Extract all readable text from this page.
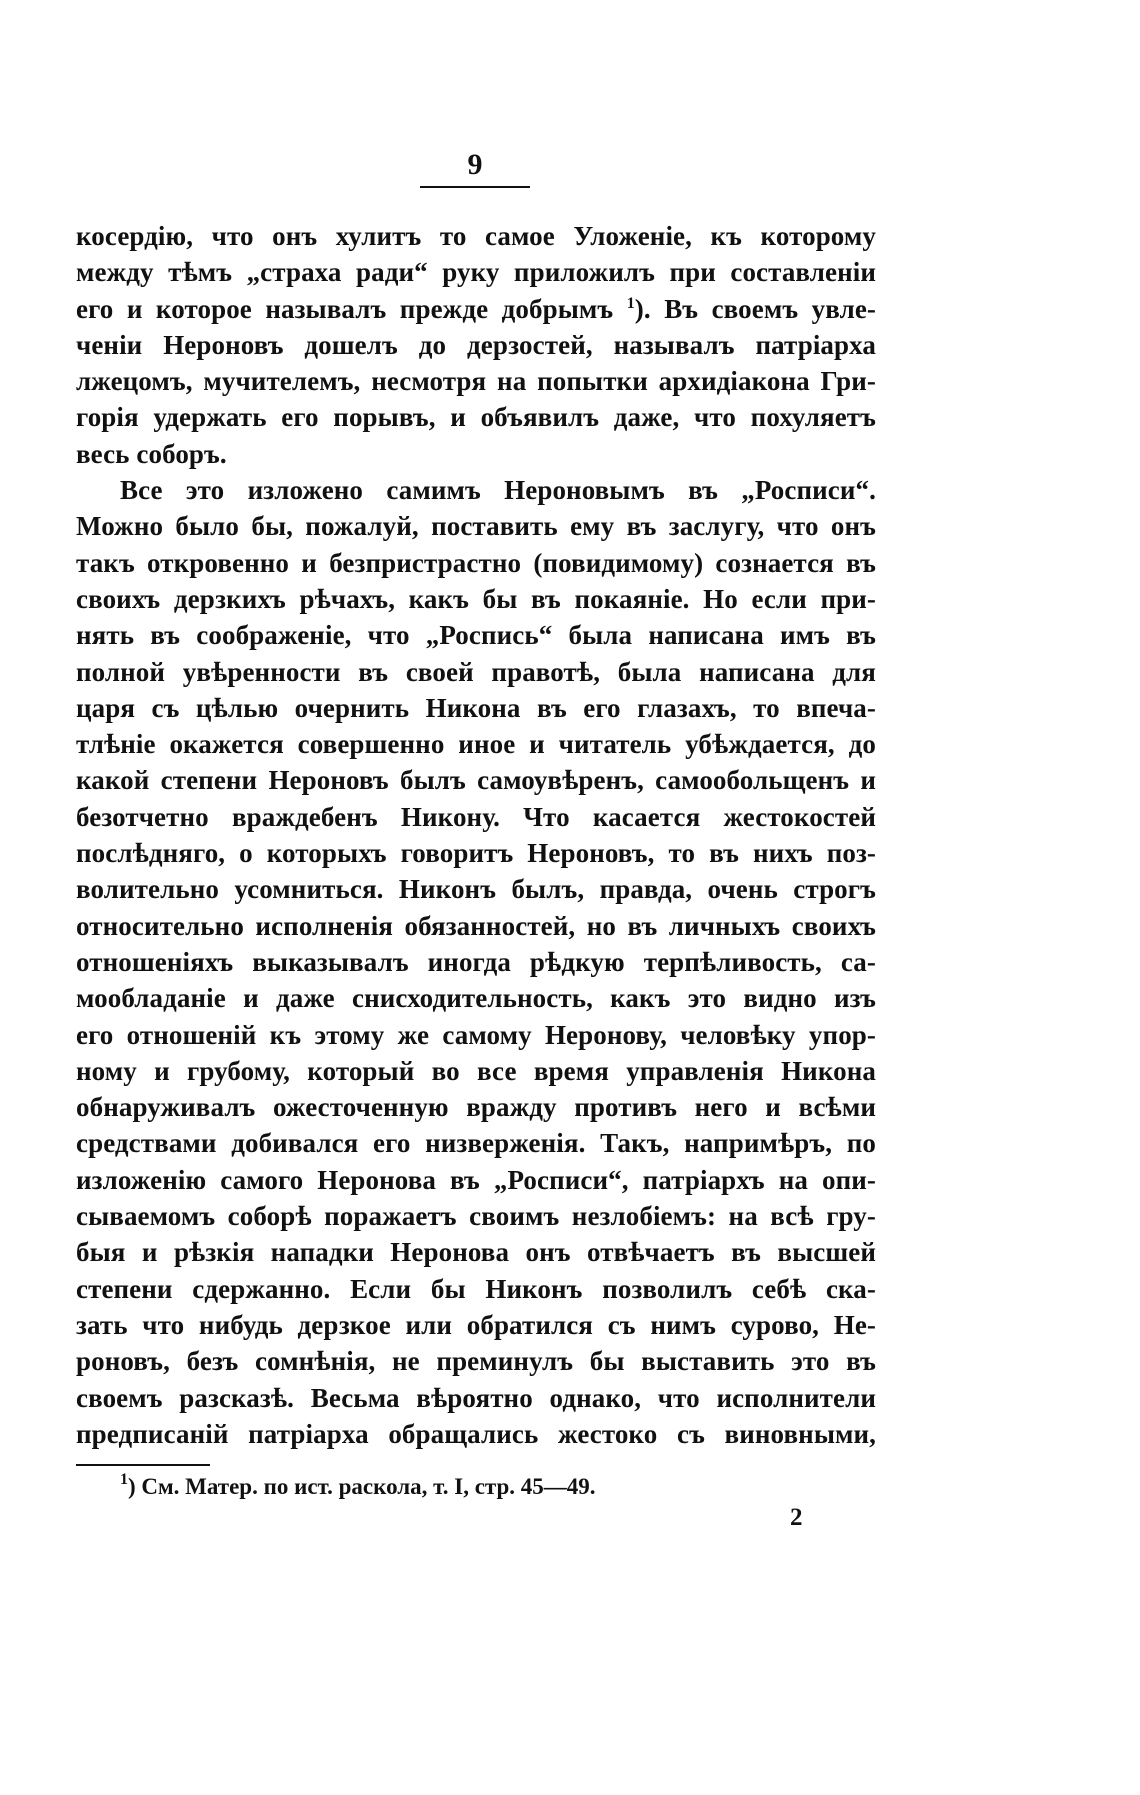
9
косердію, что онъ хулитъ то самое Уложеніе, къ которому
между тѣмъ „страха ради“ руку приложилъ при составленіи
его и которое называлъ прежде добрымъ $^1$). Въ своемъ увле-
ченіи Нероновъ дошелъ до дерзостей, называлъ патріарха
лжецомъ, мучителемъ, несмотря на попытки архидіакона Гри-
горія удержать его порывъ, и объявилъ даже, что похуляетъ
весь соборъ.
Все это изложено самимъ Нероновымъ въ „Росписи“.
Можно было бы, пожалуй, поставить ему въ заслугу, что онъ
такъ откровенно и безпристрастно (повидимому) сознается въ
своихъ дерзкихъ рѣчахъ, какъ бы въ покаяніе. Но если при-
нять въ соображеніе, что „Роспись“ была написана имъ въ
полной увѣренности въ своей правотѣ, была написана для
царя съ цѣлью очернить Никона въ его глазахъ, то впеча-
тлѣніе окажется совершенно иное и читатель убѣждается, до
какой степени Нероновъ былъ самоувѣренъ, самообольщенъ и
безотчетно враждебенъ Никону. Что касается жестокостей
послѣдняго, о которыхъ говоритъ Нероновъ, то въ нихъ поз-
волительно усомниться. Никонъ былъ, правда, очень строгъ
относительно исполненія обязанностей, но въ личныхъ своихъ
отношеніяхъ выказывалъ иногда рѣдкую терпѣливость, са-
мообладаніе и даже снисходительность, какъ это видно изъ
его отношеній къ этому же самому Неронову, человѣку упор-
ному и грубому, который во все время управленія Никона
обнаруживалъ ожесточенную вражду противъ него и всѣми
средствами добивался его низверженія. Такъ, напримѣръ, по
изложенію самого Неронова въ „Росписи“, патріархъ на опи-
сываемомъ соборѣ поражаетъ своимъ незлобіемъ: на всѣ гру-
быя и рѣзкія нападки Неронова онъ отвѣчаетъ въ высшей
степени сдержанно. Если бы Никонъ позволилъ себѣ ска-
зать что нибудь дерзкое или обратился съ нимъ сурово, Не-
роновъ, безъ сомнѣнія, не преминулъ бы выставить это въ
своемъ разсказѣ. Весьма вѣроятно однако, что исполнители
предписаній патріарха обращались жестоко съ виновными,
$^1$) См. Матер. по ист. раскола, т. I, стр. 45—49.
2
